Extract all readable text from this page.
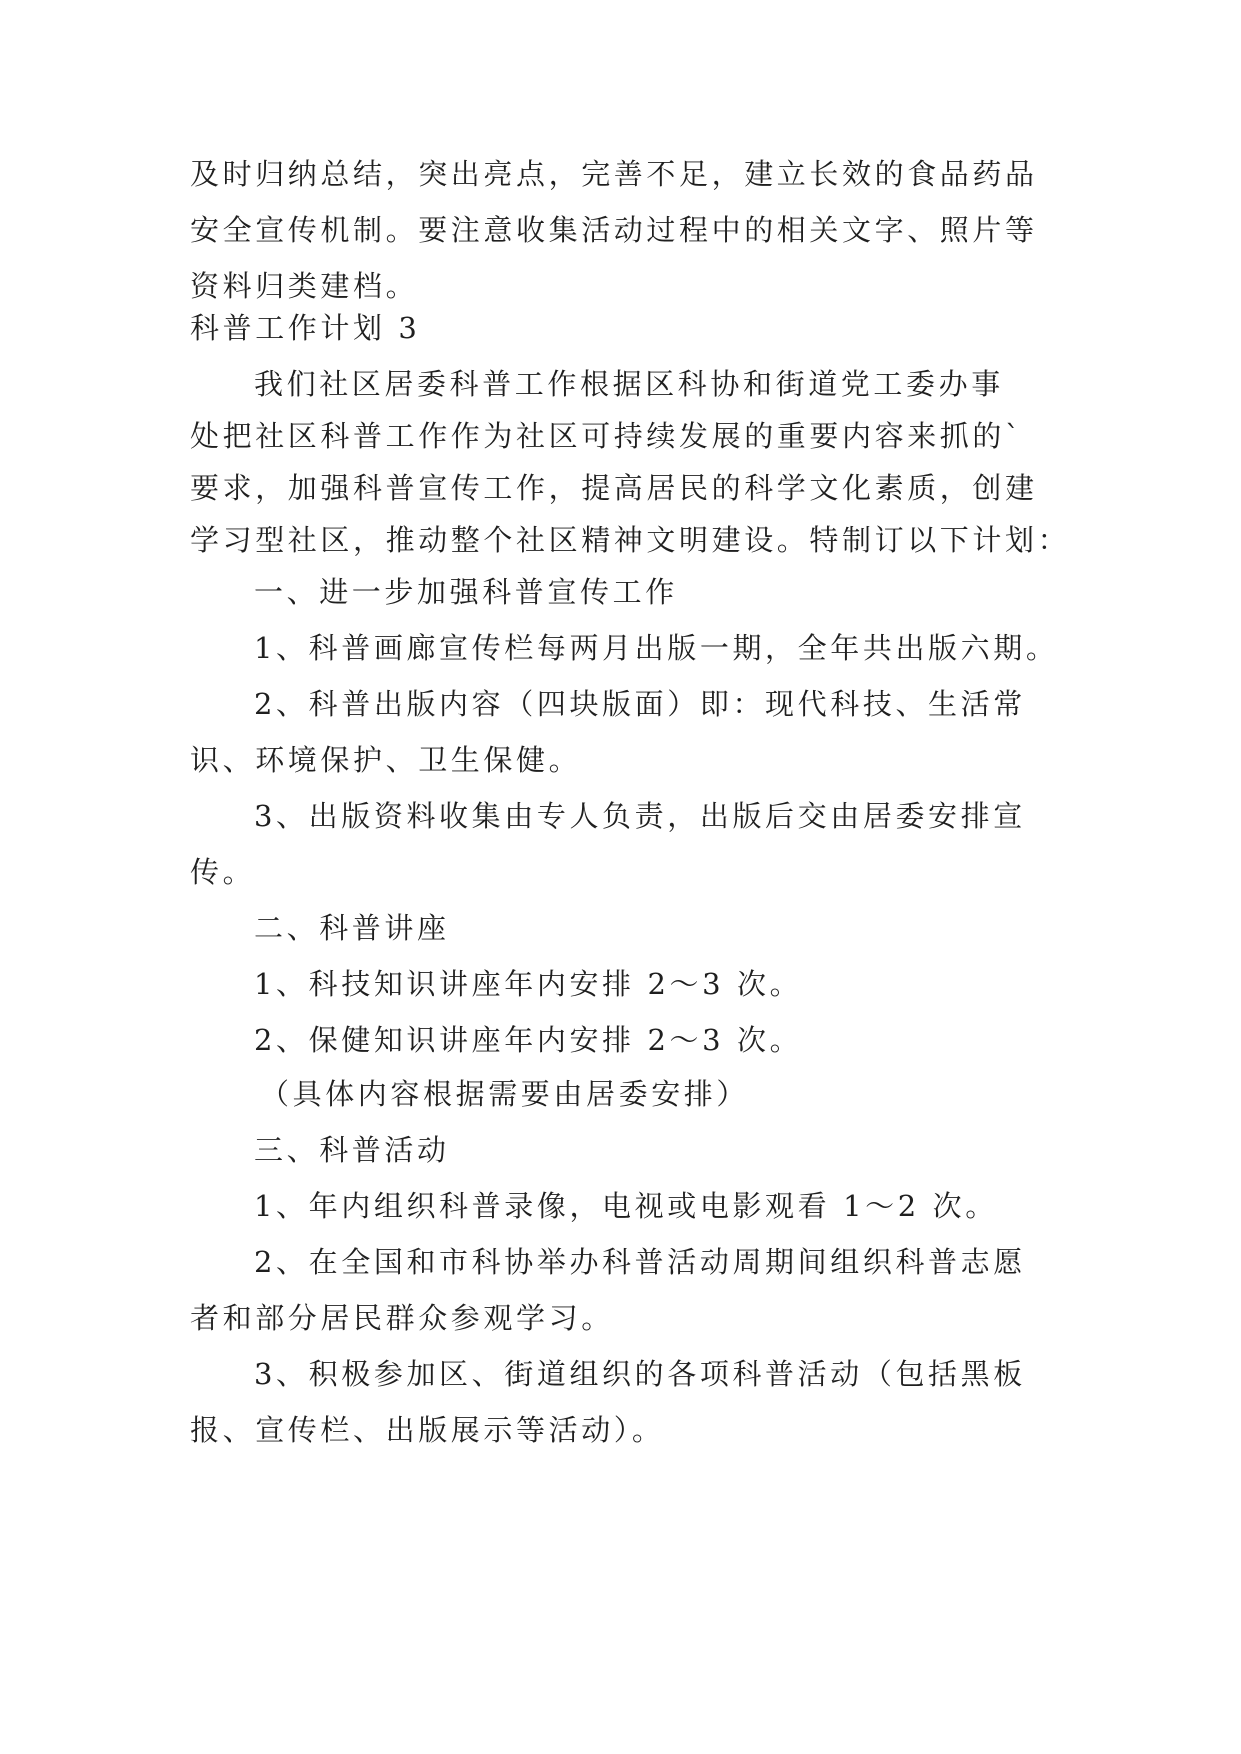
及时归纳总结，突出亮点，完善不足，建立长效的食品药品
安全宣传机制。要注意收集活动过程中的相关文字、照片等
资料归类建档。
科普工作计划 3
我们社区居委科普工作根据区科协和街道党工委办事
处把社区科普工作作为社区可持续发展的重要内容来抓的`
要求，加强科普宣传工作，提高居民的科学文化素质，创建
学习型社区，推动整个社区精神文明建设。特制订以下计划：
一、进一步加强科普宣传工作
1、科普画廊宣传栏每两月出版一期，全年共出版六期。
2、科普出版内容（四块版面）即：现代科技、生活常
识、环境保护、卫生保健。
3、出版资料收集由专人负责，出版后交由居委安排宣
传。
二、科普讲座
1、科技知识讲座年内安排 2～3 次。
2、保健知识讲座年内安排 2～3 次。
（具体内容根据需要由居委安排）
三、科普活动
1、年内组织科普录像，电视或电影观看 1～2 次。
2、在全国和市科协举办科普活动周期间组织科普志愿
者和部分居民群众参观学习。
3、积极参加区、街道组织的各项科普活动（包括黑板
报、宣传栏、出版展示等活动）。
